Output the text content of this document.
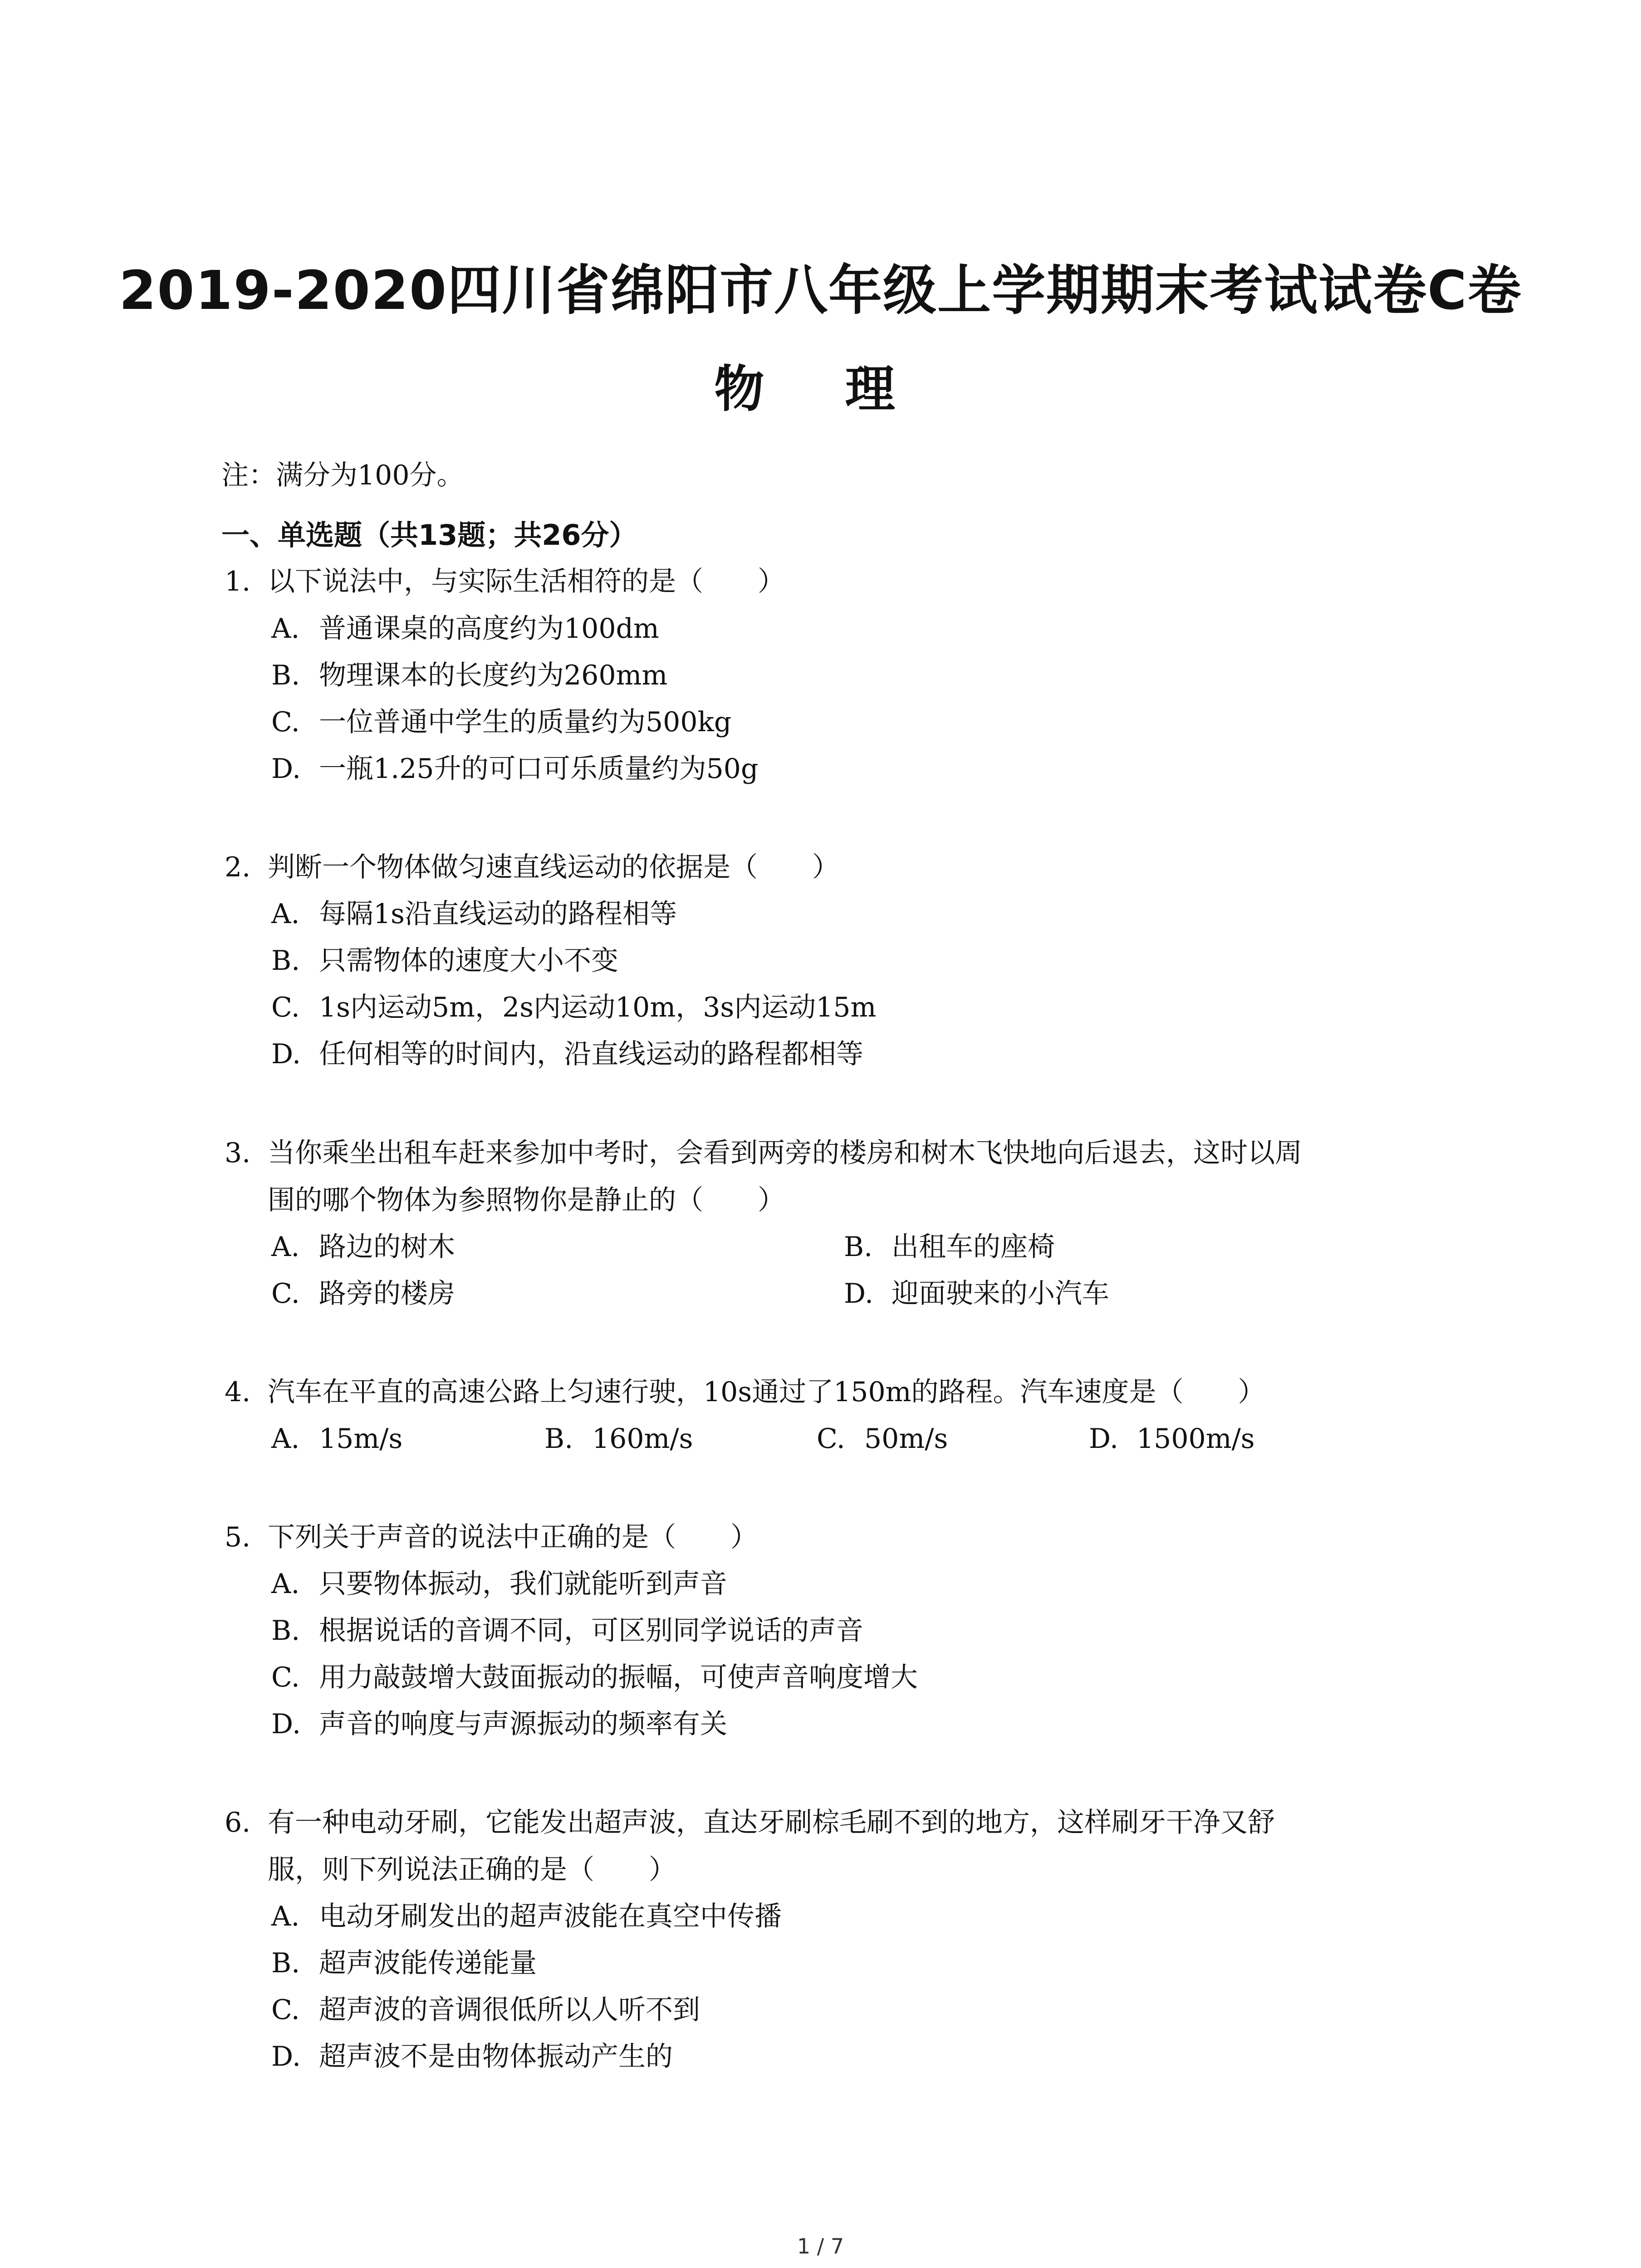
2019-2020四川省绵阳市八年级上学期期末考试试卷C卷
物 理
注：满分为100分。
一、单选题（共13题；共26分）
1. 以下说法中，与实际生活相符的是（　　）
A. 普通课桌的高度约为100dm
B. 物理课本的长度约为260mm
C. 一位普通中学生的质量约为500kg
D. 一瓶1.25升的可口可乐质量约为50g
2. 判断一个物体做匀速直线运动的依据是（　　）
A. 每隔1s沿直线运动的路程相等
B. 只需物体的速度大小不变
C. 1s内运动5m，2s内运动10m，3s内运动15m
D. 任何相等的时间内，沿直线运动的路程都相等
3. 当你乘坐出租车赶来参加中考时，会看到两旁的楼房和树木飞快地向后退去，这时以周
围的哪个物体为参照物你是静止的（　　）
A. 路边的树木	B. 出租车的座椅
C. 路旁的楼房	D. 迎面驶来的小汽车
4. 汽车在平直的高速公路上匀速行驶，10s通过了150m的路程。汽车速度是（　　）
A. 15m/s	B. 160m/s	C. 50m/s	D. 1500m/s
5. 下列关于声音的说法中正确的是（　　）
A. 只要物体振动，我们就能听到声音
B. 根据说话的音调不同，可区别同学说话的声音
C. 用力敲鼓增大鼓面振动的振幅，可使声音响度增大
D. 声音的响度与声源振动的频率有关
6. 有一种电动牙刷，它能发出超声波，直达牙刷棕毛刷不到的地方，这样刷牙干净又舒
服，则下列说法正确的是（　　）
A. 电动牙刷发出的超声波能在真空中传播
B. 超声波能传递能量
C. 超声波的音调很低所以人听不到
D. 超声波不是由物体振动产生的
1 / 7
